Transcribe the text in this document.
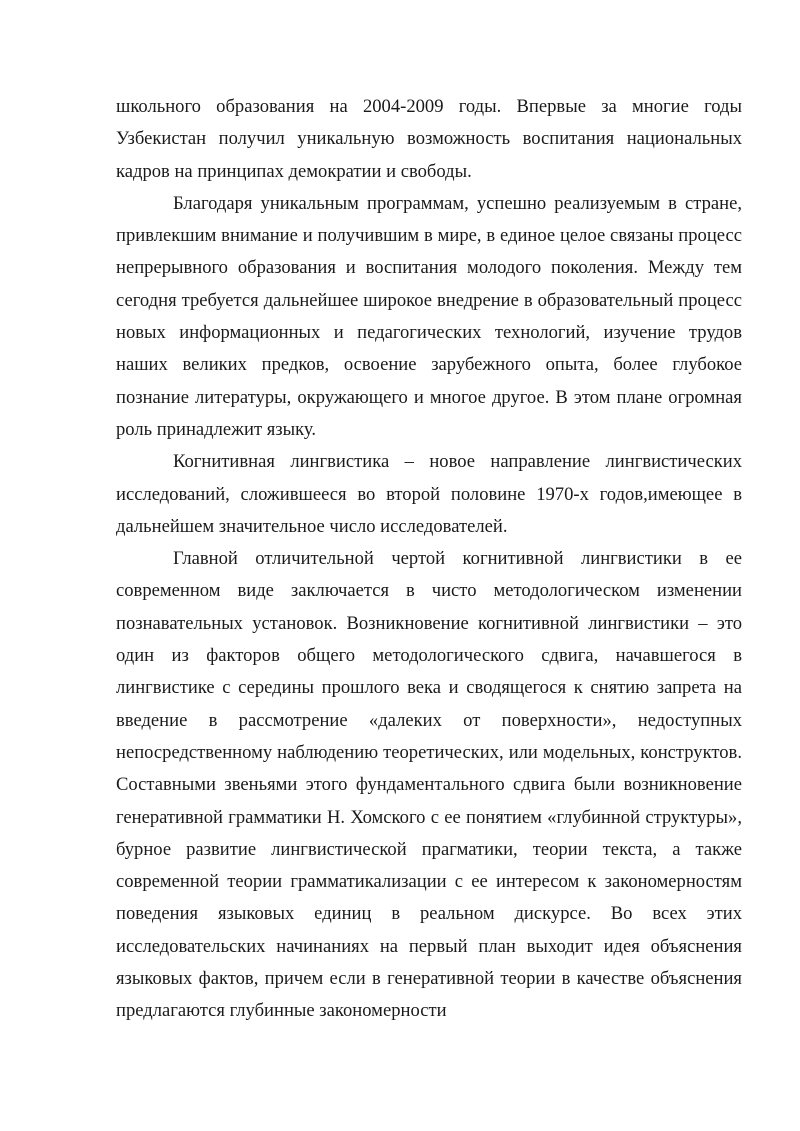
школьного образования на 2004-2009 годы. Впервые за многие годы Узбекистан получил уникальную возможность воспитания национальных кадров на принципах демократии и свободы.

Благодаря уникальным программам, успешно реализуемым в стране, привлекшим внимание и получившим в мире, в единое целое связаны процесс непрерывного образования и воспитания молодого поколения. Между тем сегодня требуется дальнейшее широкое внедрение в образовательный процесс новых информационных и педагогических технологий, изучение трудов наших великих предков, освоение зарубежного опыта, более глубокое познание литературы, окружающего и многое другое. В этом плане огромная роль принадлежит языку.

Когнитивная лингвистика – новое направление лингвистических исследований, сложившееся во второй половине 1970-х годов,имеющее в дальнейшем значительное число исследователей.

Главной отличительной чертой когнитивной лингвистики в ее современном виде заключается в чисто методологическом изменении познавательных установок. Возникновение когнитивной лингвистики – это один из факторов общего методологического сдвига, начавшегося в лингвистике с середины прошлого века и сводящегося к снятию запрета на введение в рассмотрение «далеких от поверхности», недоступных непосредственному наблюдению теоретических, или модельных, конструктов. Составными звеньями этого фундаментального сдвига были возникновение генеративной грамматики Н. Хомского с ее понятием «глубинной структуры», бурное развитие лингвистической прагматики, теории текста, а также современной теории грамматикализации с ее интересом к закономерностям поведения языковых единиц в реальном дискурсе. Во всех этих исследовательских начинаниях на первый план выходит идея объяснения языковых фактов, причем если в генеративной теории в качестве объяснения предлагаются глубинные закономерности
